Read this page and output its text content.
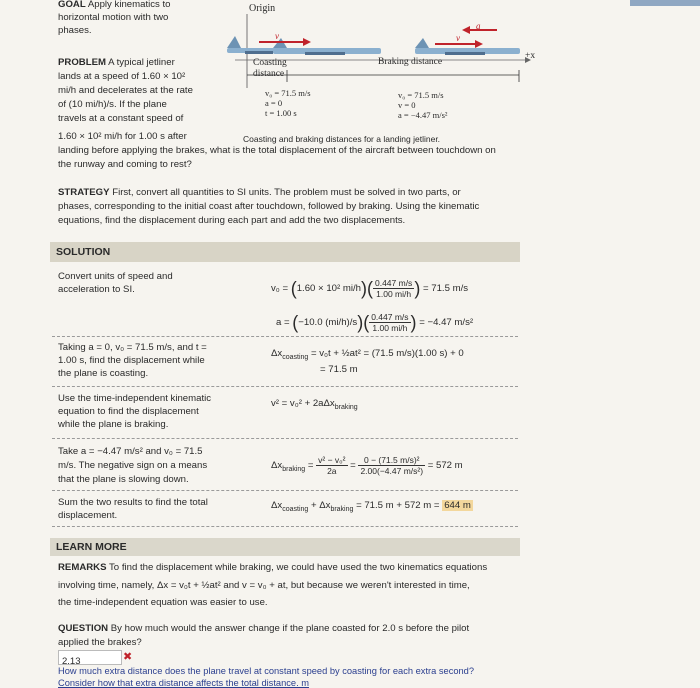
GOAL Apply kinematics to
horizontal motion with two
phases.
Origin
v	v
a
+x
Coasting
distance
Braking distance
v₀ = 71.5 m/s
a = 0
t = 1.00 s
v₀ = 71.5 m/s
v = 0
a = −4.47 m/s²
Coasting and braking distances for a landing jetliner.
PROBLEM A typical jetliner
lands at a speed of 1.60 × 10²
mi/h and decelerates at the rate
of (10 mi/h)/s. If the plane
travels at a constant speed of
1.60 × 10² mi/h for 1.00 s after
landing before applying the brakes, what is the total displacement of the aircraft between touchdown on
the runway and coming to rest?
STRATEGY First, convert all quantities to SI units. The problem must be solved in two parts, or
phases, corresponding to the initial coast after touchdown, followed by braking. Using the kinematic
equations, find the displacement during each part and add the two displacements.
SOLUTION
Convert units of speed and
acceleration to SI.	v₀ = (1.60 × 10² $mi/h)( \frac{0.447 m/s}{1.00 mi/h}$ ) = 71.5 m/s
a = (−10.0 $(mi/h)/s)( \frac{0.447 m/s}{1.00 mi/h}$ ) = −4.47 m/s²
Taking a = 0, v₀ = 71.5 m/s, and t =
1.00 s, find the displacement while
the plane is coasting.
$\Delta x_{coasting} = v_0t$ + ½at² = (71.5 m/s)(1.00 s) + 0
= 71.5 m
Use the time-independent kinematic
equation to find the displacement
while the plane is braking.
v² = v₀² + 2aΔx$_{braking}$
Take a = −4.47 m/s² and v₀ = 71.5
m/s. The negative sign on a means
that the plane is slowing down.
$\Delta x_{braking} = \frac{\text{v² − v₀²}}{2a} = \frac{\text{0 − (71.5 m/s)²}}{\text{2.00(−4.47 m/s²)}} = 572$ m
Sum the two results to find the total
displacement.
$\Delta x_{coasting} + \Delta x_{braking} = 71.5$ m + 572 m = 644 m
LEARN MORE
REMARKS To find the displacement while braking, we could have used the two kinematics equations
involving time, namely, Δx = v₀t + ½at² and v = v₀ + at, but because we weren't interested in time,
the time-independent equation was easier to use.
QUESTION By how much would the answer change if the plane coasted for 2.0 s before the pilot
applied the brakes?
2.13	✖
How much extra distance does the plane travel at constant speed by coasting for each extra second?
Consider how that extra distance affects the total distance. m
